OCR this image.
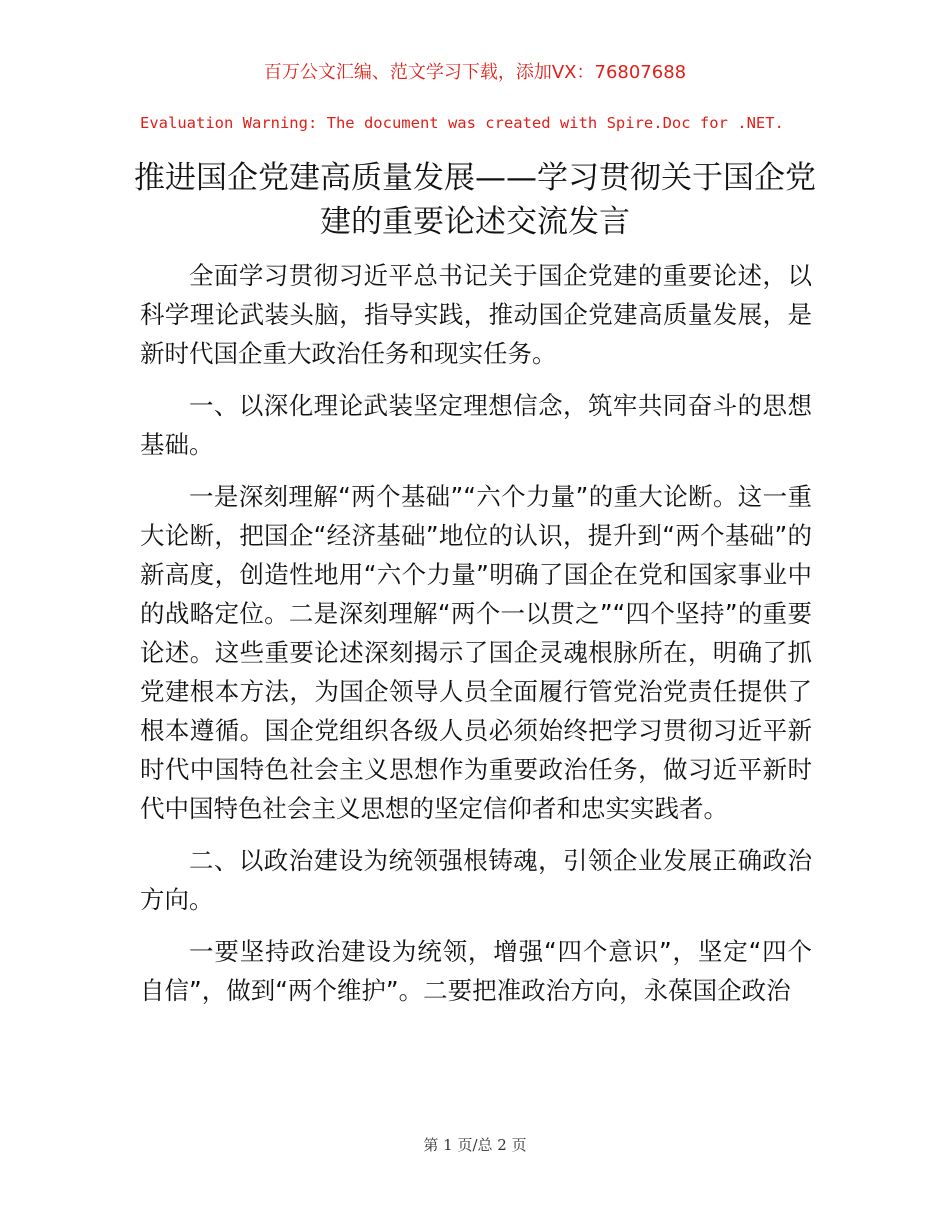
百万公文汇编、范文学习下载，添加VX：76807688
Evaluation Warning: The document was created with Spire.Doc for .NET.
推进国企党建高质量发展——学习贯彻关于国企党建的重要论述交流发言

全面学习贯彻习近平总书记关于国企党建的重要论述，以科学理论武装头脑，指导实践，推动国企党建高质量发展，是新时代国企重大政治任务和现实任务。

一、以深化理论武装坚定理想信念，筑牢共同奋斗的思想基础。

一是深刻理解“两个基础”“六个力量”的重大论断。这一重大论断，把国企“经济基础”地位的认识，提升到“两个基础”的新高度，创造性地用“六个力量”明确了国企在党和国家事业中的战略定位。二是深刻理解“两个一以贯之”“四个坚持”的重要论述。这些重要论述深刻揭示了国企灵魂根脉所在，明确了抓党建根本方法，为国企领导人员全面履行管党治党责任提供了根本遵循。国企党组织各级人员必须始终把学习贯彻习近平新时代中国特色社会主义思想作为重要政治任务，做习近平新时代中国特色社会主义思想的坚定信仰者和忠实实践者。

二、以政治建设为统领强根铸魂，引领企业发展正确政治方向。

一要坚持政治建设为统领，增强“四个意识”，坚定“四个自信”，做到“两个维护”。二要把准政治方向，永葆国企政治

第 1 页/总 2 页
